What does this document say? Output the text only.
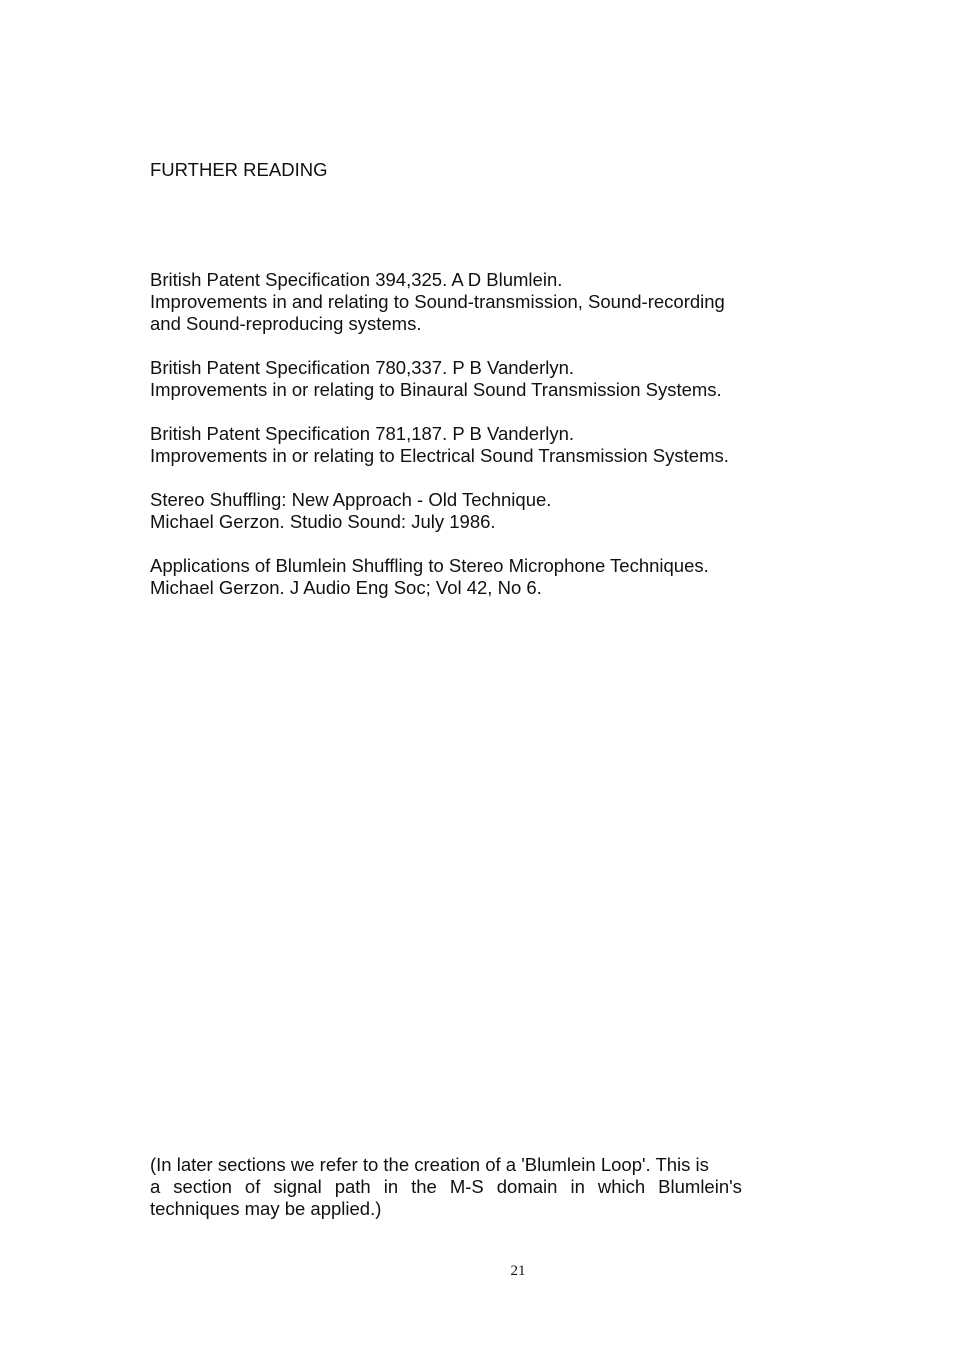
FURTHER READING
British Patent Specification 394,325. A D Blumlein.
Improvements in and relating to Sound-transmission, Sound-recording
and Sound-reproducing systems.
British Patent Specification 780,337. P B Vanderlyn.
Improvements in or relating to Binaural Sound Transmission Systems.
British Patent Specification 781,187. P B Vanderlyn.
Improvements in or relating to Electrical Sound Transmission Systems.
Stereo Shuffling: New Approach - Old Technique.
Michael Gerzon. Studio Sound: July 1986.
Applications of Blumlein Shuffling to Stereo Microphone Techniques.
Michael Gerzon. J Audio Eng Soc; Vol 42, No 6.
(In later sections we refer to the creation of a 'Blumlein Loop'. This is
a section of signal path in the M-S domain in which Blumlein's
techniques may be applied.)
21
